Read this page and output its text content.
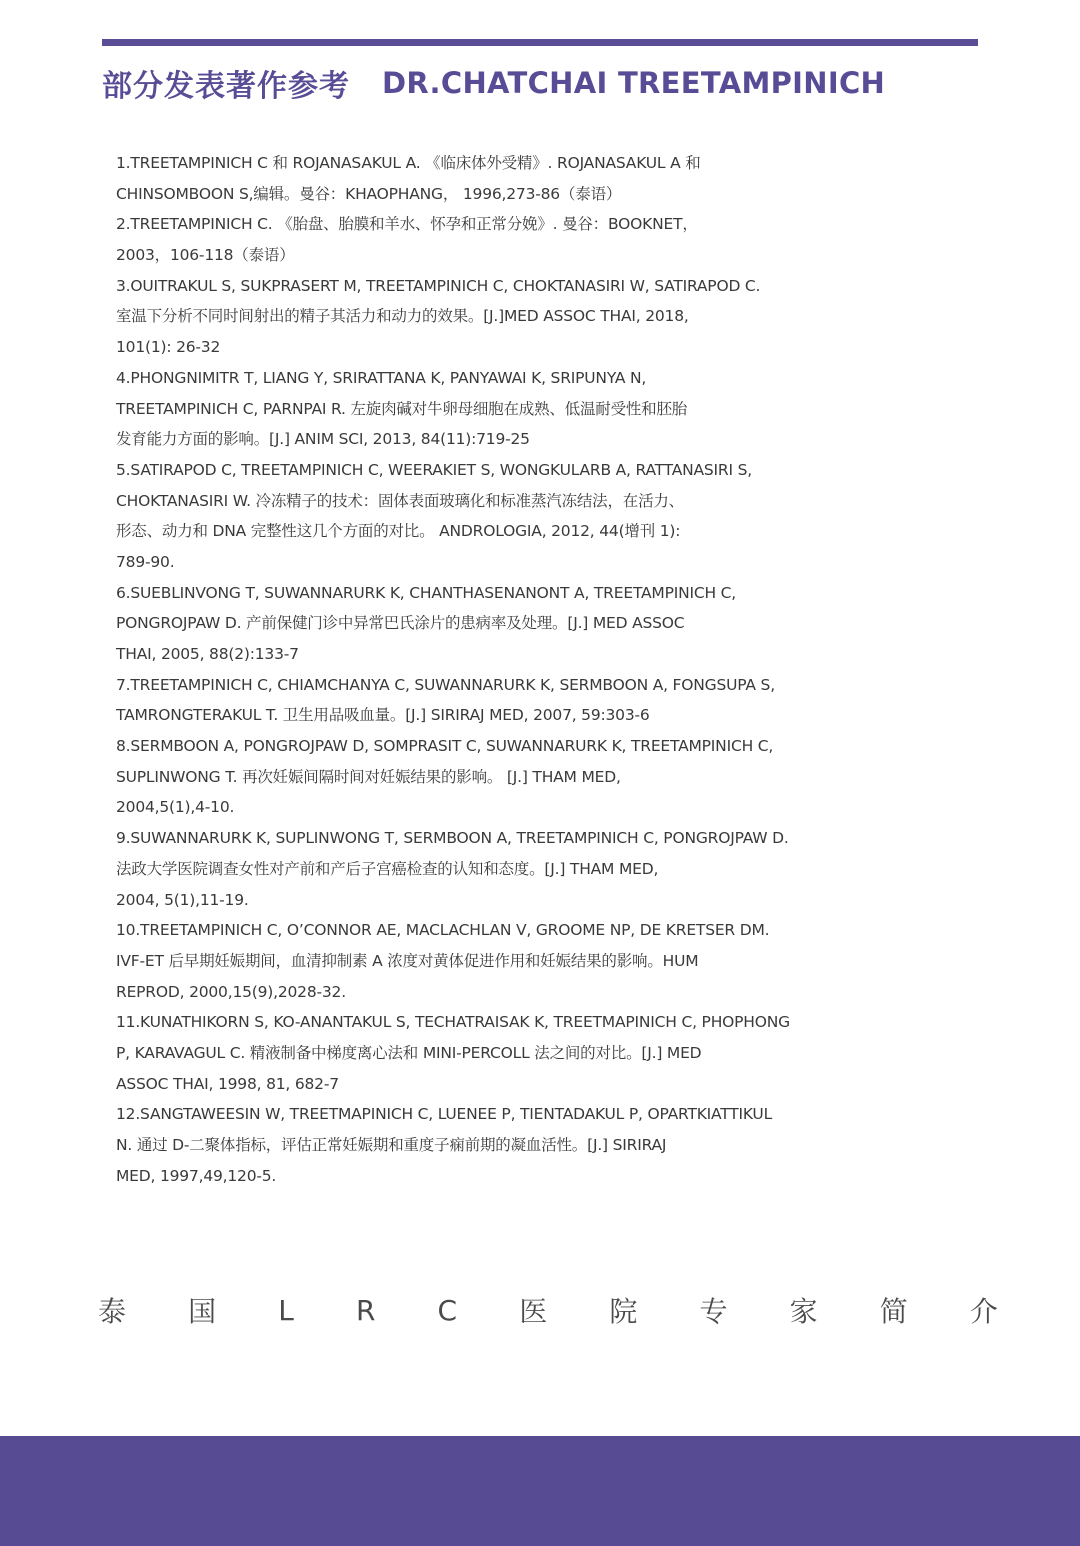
部分发表著作参考 DR.CHATCHAI TREETAMPINICH
1.TREETAMPINICH C 和 ROJANASAKUL A. 《临床体外受精》. ROJANASAKUL A 和
CHINSOMBOON S,编辑。曼谷：KHAOPHANG， 1996,273-86（泰语）
2.TREETAMPINICH C. 《胎盘、胎膜和羊水、怀孕和正常分娩》. 曼谷：BOOKNET，
2003，106-118（泰语）
3.OUITRAKUL S, SUKPRASERT M, TREETAMPINICH C, CHOKTANASIRI W, SATIRAPOD C.
室温下分析不同时间射出的精子其活力和动力的效果。[J.]MED ASSOC THAI, 2018,
101(1): 26-32
4.PHONGNIMITR T, LIANG Y, SRIRATTANA K, PANYAWAI K, SRIPUNYA N,
TREETAMPINICH C, PARNPAI R. 左旋肉碱对牛卵母细胞在成熟、低温耐受性和胚胎
发育能力方面的影响。[J.] ANIM SCI, 2013, 84(11):719-25
5.SATIRAPOD C, TREETAMPINICH C, WEERAKIET S, WONGKULARB A, RATTANASIRI S,
CHOKTANASIRI W. 冷冻精子的技术：固体表面玻璃化和标准蒸汽冻结法，在活力、
形态、动力和 DNA 完整性这几个方面的对比。 ANDROLOGIA, 2012, 44(增刊 1):
789-90.
6.SUEBLINVONG T, SUWANNARURK K, CHANTHASENANONT A, TREETAMPINICH C,
PONGROJPAW D. 产前保健门诊中异常巴氏涂片的患病率及处理。[J.] MED ASSOC
THAI, 2005, 88(2):133-7
7.TREETAMPINICH C, CHIAMCHANYA C, SUWANNARURK K, SERMBOON A, FONGSUPA S,
TAMRONGTERAKUL T. 卫生用品吸血量。[J.] SIRIRAJ MED, 2007, 59:303-6
8.SERMBOON A, PONGROJPAW D, SOMPRASIT C, SUWANNARURK K, TREETAMPINICH C,
SUPLINWONG T. 再次妊娠间隔时间对妊娠结果的影响。 [J.] THAM MED,
2004,5(1),4-10.
9.SUWANNARURK K, SUPLINWONG T, SERMBOON A, TREETAMPINICH C, PONGROJPAW D.
法政大学医院调查女性对产前和产后子宫癌检查的认知和态度。[J.] THAM MED,
2004, 5(1),11-19.
10.TREETAMPINICH C, O’CONNOR AE, MACLACHLAN V, GROOME NP, DE KRETSER DM.
IVF-ET 后早期妊娠期间，血清抑制素 A 浓度对黄体促进作用和妊娠结果的影响。HUM
REPROD, 2000,15(9),2028-32.
11.KUNATHIKORN S, KO-ANANTAKUL S, TECHATRAISAK K, TREETMAPINICH C, PHOPHONG
P, KARAVAGUL C. 精液制备中梯度离心法和 MINI-PERCOLL 法之间的对比。[J.] MED
ASSOC THAI, 1998, 81, 682-7
12.SANGTAWEESIN W, TREETMAPINICH C, LUENEE P, TIENTADAKUL P, OPARTKIATTIKUL
N. 通过 D-二聚体指标，评估正常妊娠期和重度子痫前期的凝血活性。[J.] SIRIRAJ
MED, 1997,49,120-5.
泰 国 L R C 医 院 专 家 简 介
